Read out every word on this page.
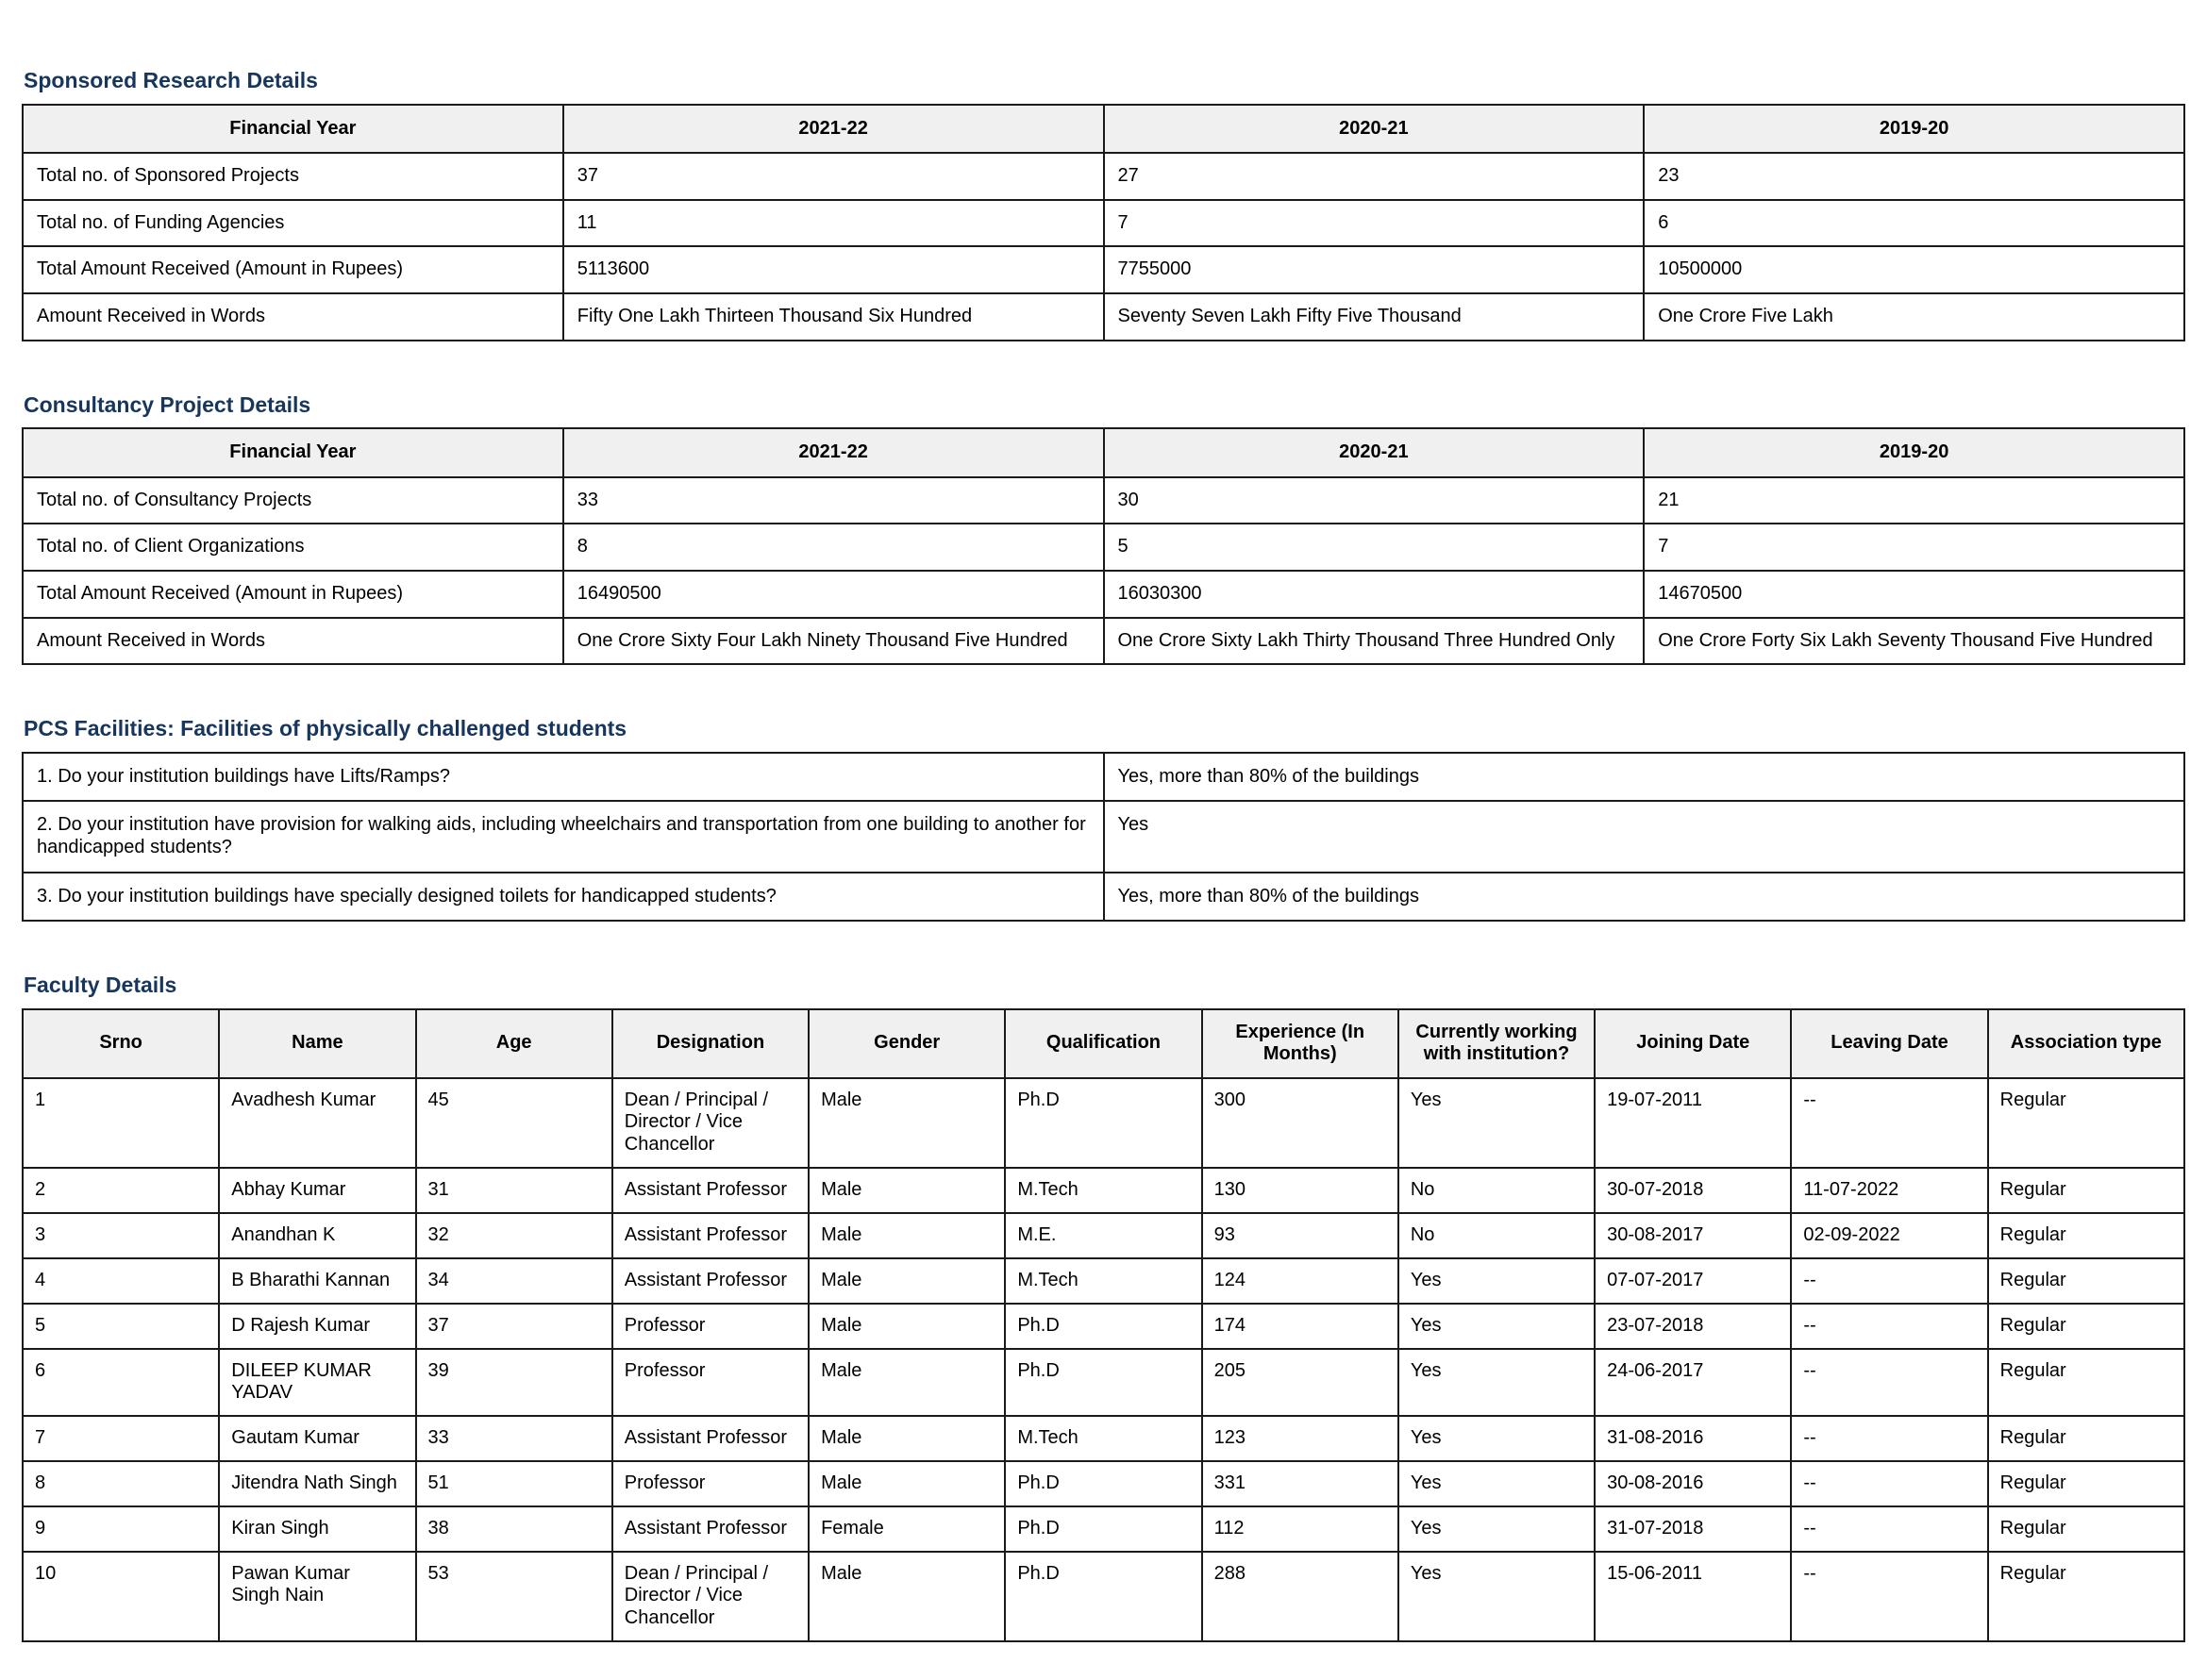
Sponsored Research Details
Financial Year	2021-22	2020-21	2019-20
Total no. of Sponsored Projects	37	27	23
Total no. of Funding Agencies	11	7	6
Total Amount Received (Amount in Rupees)	5113600	7755000	10500000
Amount Received in Words	Fifty One Lakh Thirteen Thousand Six Hundred	Seventy Seven Lakh Fifty Five Thousand	One Crore Five Lakh
Consultancy Project Details
Financial Year	2021-22	2020-21	2019-20
Total no. of Consultancy Projects	33	30	21
Total no. of Client Organizations	8	5	7
Total Amount Received (Amount in Rupees)	16490500	16030300	14670500
Amount Received in Words	One Crore Sixty Four Lakh Ninety Thousand Five Hundred	One Crore Sixty Lakh Thirty Thousand Three Hundred Only	One Crore Forty Six Lakh Seventy Thousand Five Hundred
PCS Facilities: Facilities of physically challenged students
1. Do your institution buildings have Lifts/Ramps?	Yes, more than 80% of the buildings
2. Do your institution have provision for walking aids, including wheelchairs and transportation from one building to another for handicapped students?	Yes
3. Do your institution buildings have specially designed toilets for handicapped students?	Yes, more than 80% of the buildings
Faculty Details
Srno	Name	Age	Designation	Gender	Qualification	Experience (In Months)	Currently working with institution?	Joining Date	Leaving Date	Association type
1	Avadhesh Kumar	45	Dean / Principal / Director / Vice Chancellor	Male	Ph.D	300	Yes	19-07-2011	--	Regular
2	Abhay Kumar	31	Assistant Professor	Male	M.Tech	130	No	30-07-2018	11-07-2022	Regular
3	Anandhan K	32	Assistant Professor	Male	M.E.	93	No	30-08-2017	02-09-2022	Regular
4	B Bharathi Kannan	34	Assistant Professor	Male	M.Tech	124	Yes	07-07-2017	--	Regular
5	D Rajesh Kumar	37	Professor	Male	Ph.D	174	Yes	23-07-2018	--	Regular
6	DILEEP KUMAR YADAV	39	Professor	Male	Ph.D	205	Yes	24-06-2017	--	Regular
7	Gautam Kumar	33	Assistant Professor	Male	M.Tech	123	Yes	31-08-2016	--	Regular
8	Jitendra Nath Singh	51	Professor	Male	Ph.D	331	Yes	30-08-2016	--	Regular
9	Kiran Singh	38	Assistant Professor	Female	Ph.D	112	Yes	31-07-2018	--	Regular
10	Pawan Kumar Singh Nain	53	Dean / Principal / Director / Vice Chancellor	Male	Ph.D	288	Yes	15-06-2011	--	Regular
